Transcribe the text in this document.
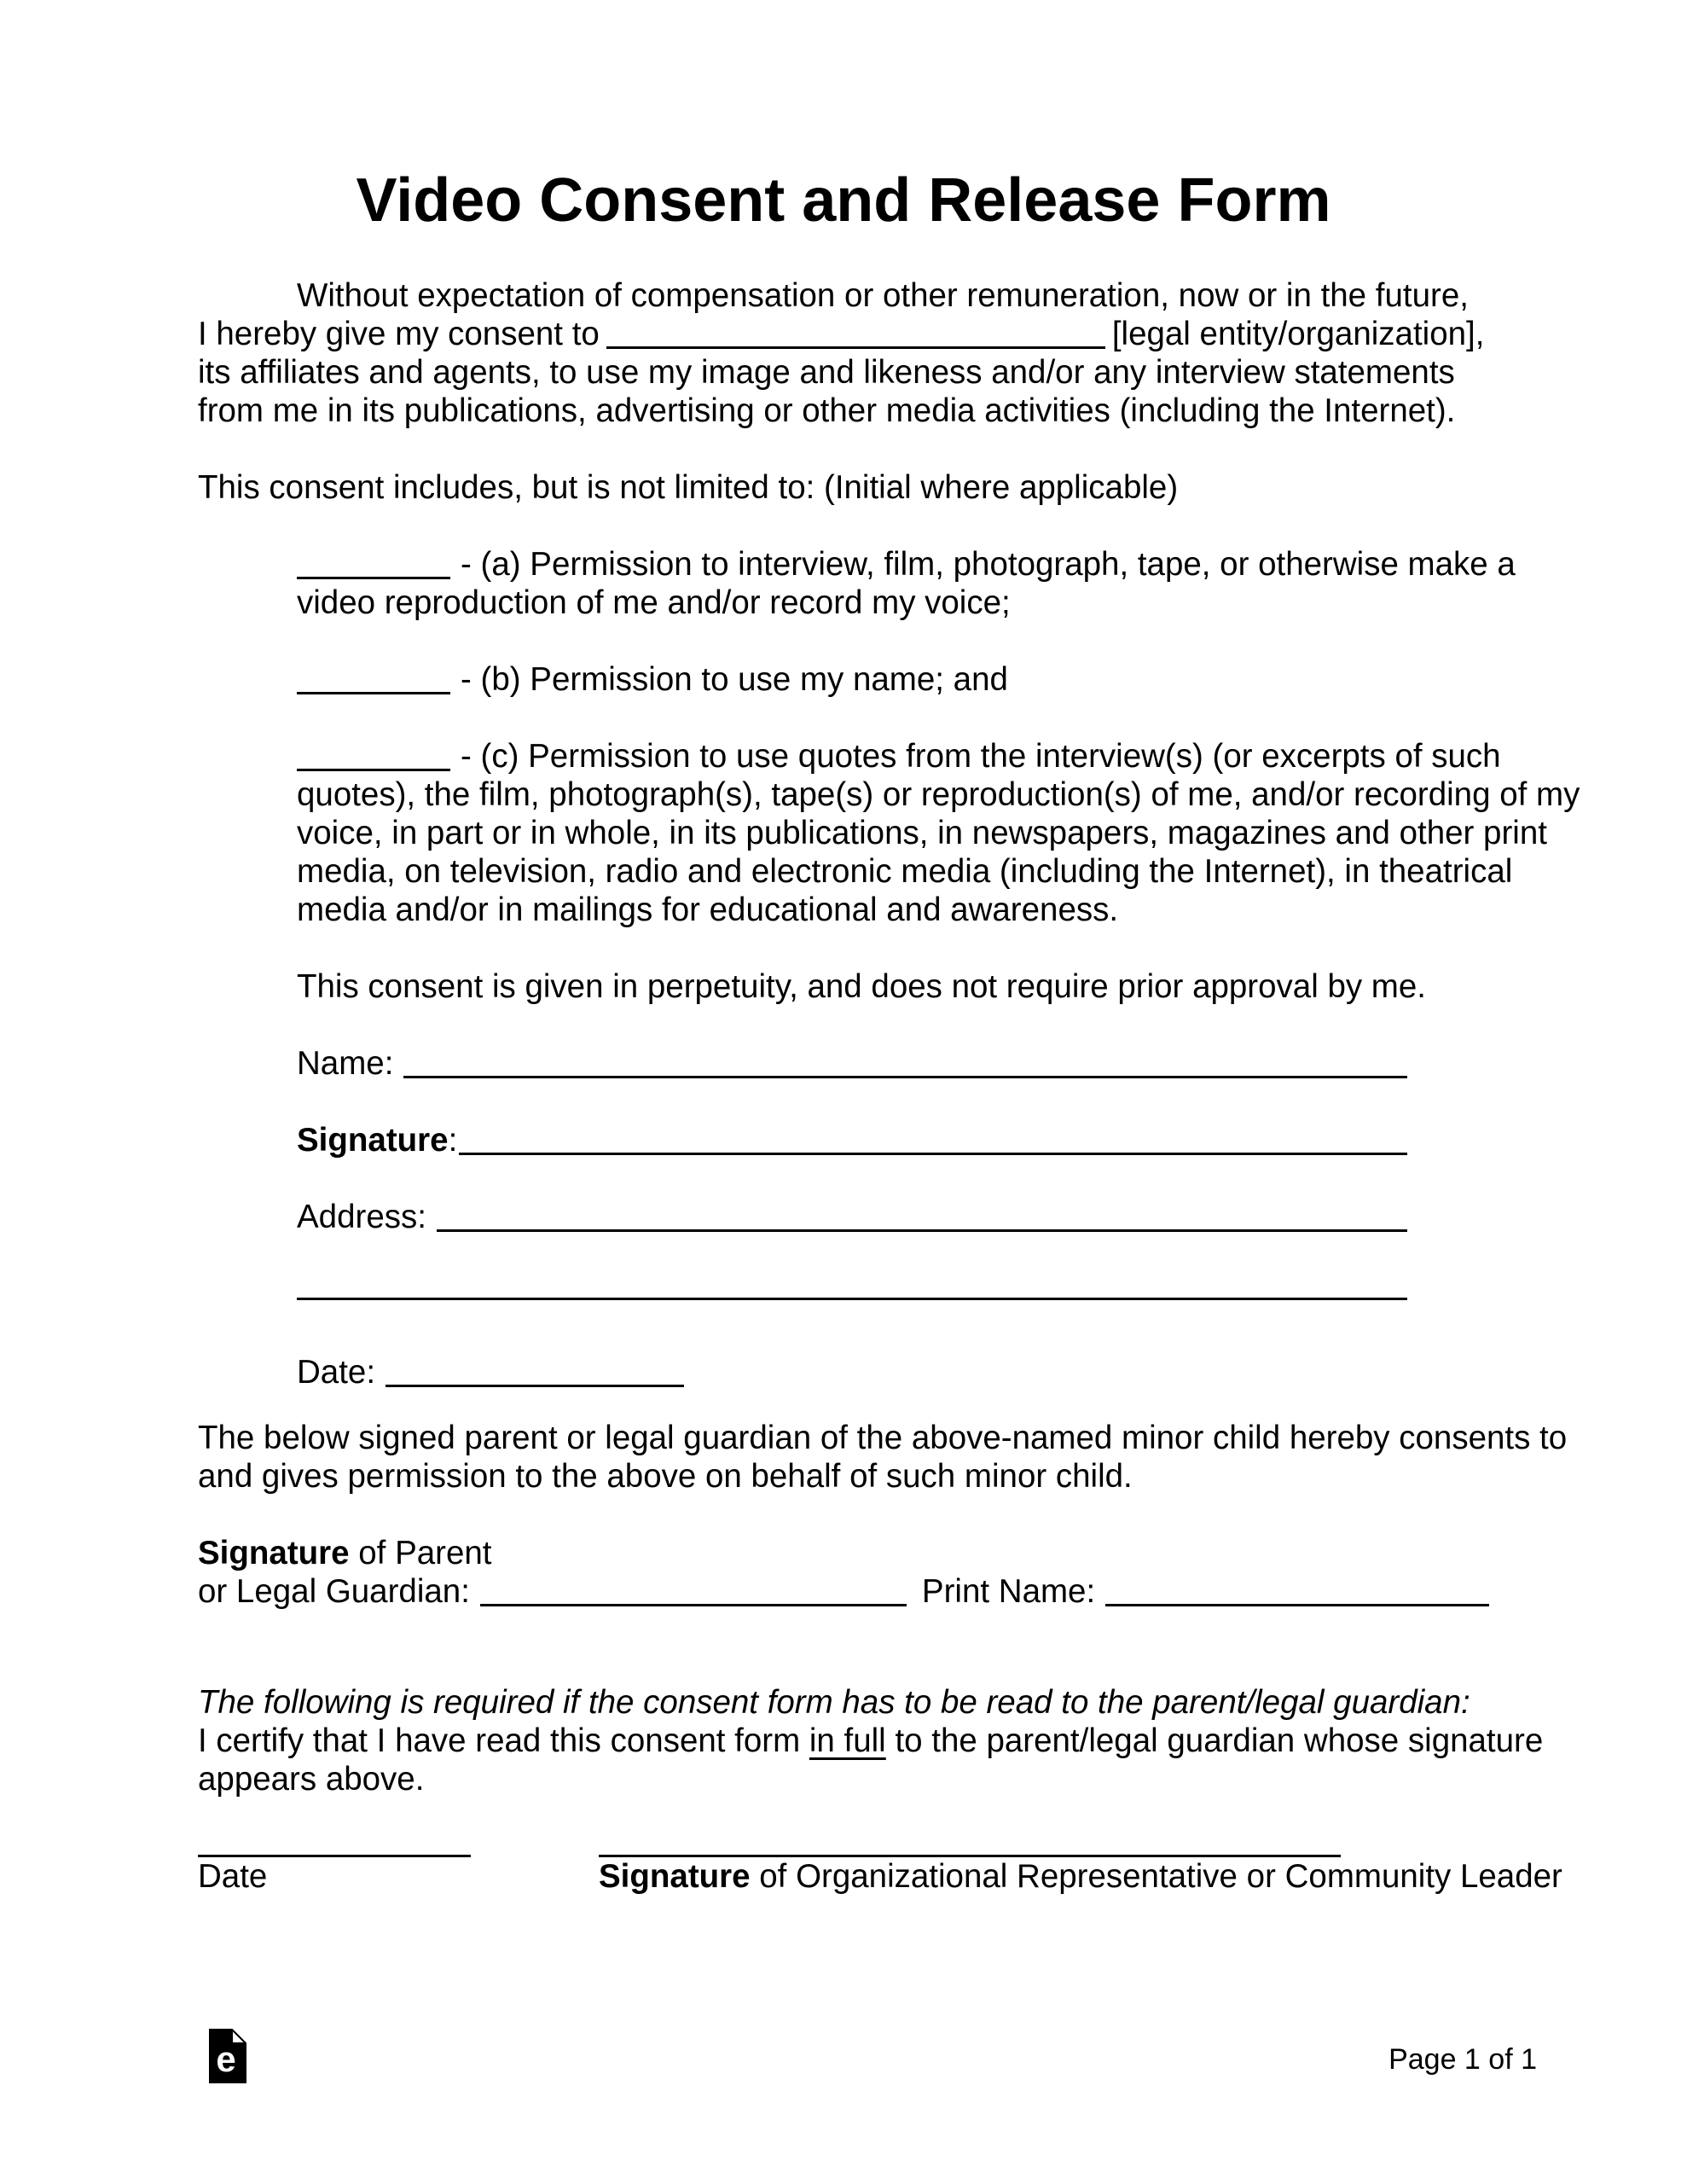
Video Consent and Release Form
Without expectation of compensation or other remuneration, now or in the future,
I hereby give my consent to	[legal entity/organization],
its affiliates and agents, to use my image and likeness and/or any interview statements
from me in its publications, advertising or other media activities (including the Internet).
This consent includes, but is not limited to: (Initial where applicable)
- (a) Permission to interview, film, photograph, tape, or otherwise make a
video reproduction of me and/or record my voice;
- (b) Permission to use my name; and
- (c) Permission to use quotes from the interview(s) (or excerpts of such
quotes), the film, photograph(s), tape(s) or reproduction(s) of me, and/or recording of my
voice, in part or in whole, in its publications, in newspapers, magazines and other print
media, on television, radio and electronic media (including the Internet), in theatrical
media and/or in mailings for educational and awareness.
This consent is given in perpetuity, and does not require prior approval by me.
Name:
Signature :
Address:
Date:
The below signed parent or legal guardian of the above-named minor child hereby consents to
and gives permission to the above on behalf of such minor child.
Signature of Parent
or Legal Guardian:	Print Name:
The following is required if the consent form has to be read to the parent/legal guardian:
I certify that I have read this consent form in full to the parent/legal guardian whose signature
appears above.
Date	Signature of Organizational Representative or Community Leader
e	Page 1 of 1
